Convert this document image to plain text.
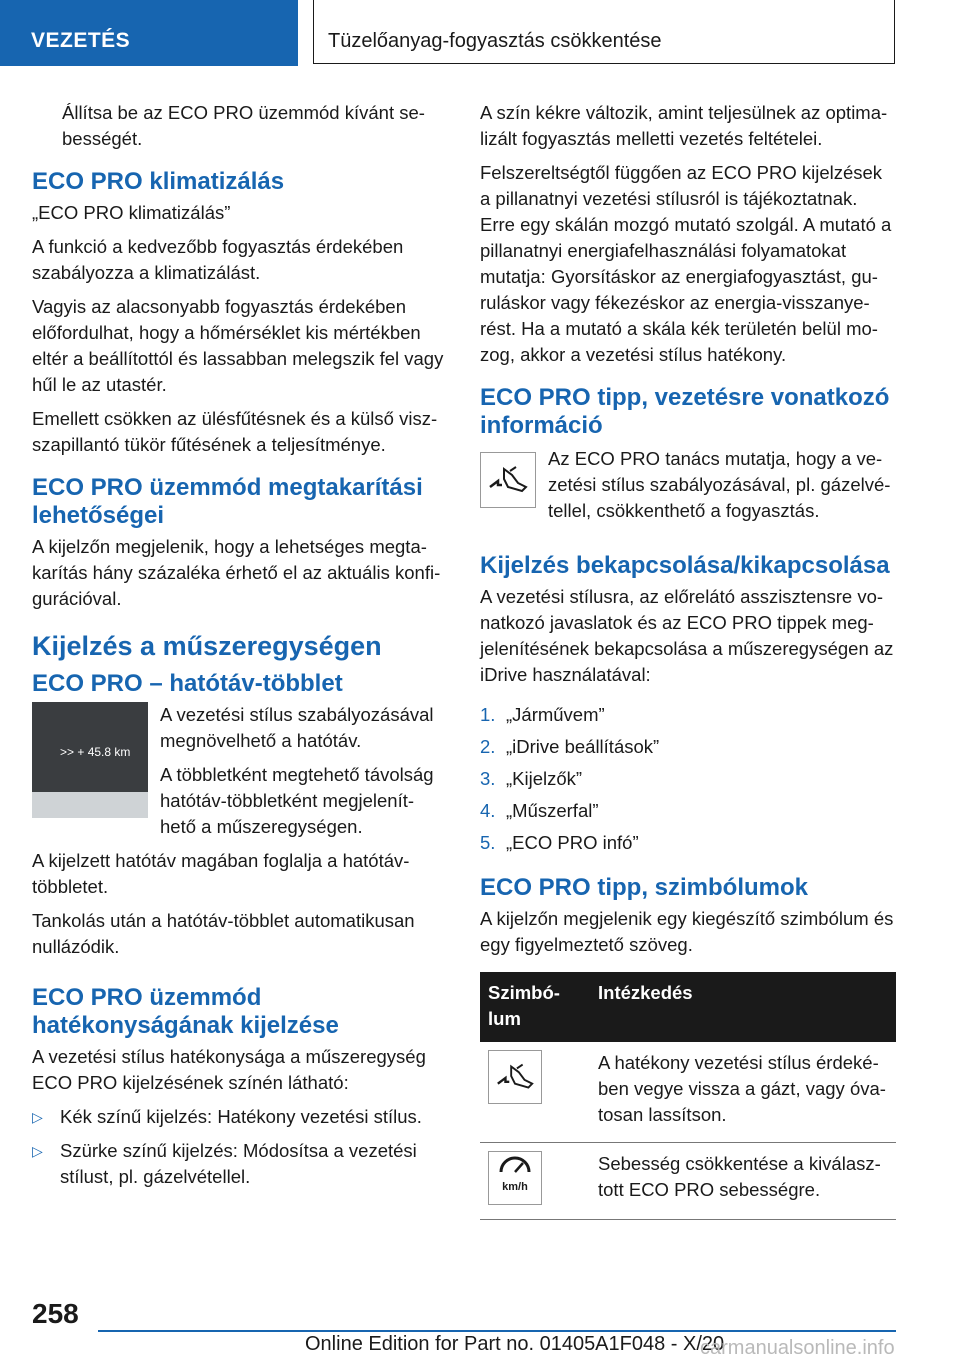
VEZETÉS	Tüzelőanyag-fogyasztás csökkentése

Állítsa be az ECO PRO üzemmód kívánt se-bességét.

ECO PRO klimatizálás

„ECO PRO klimatizálás”

A funkció a kedvezőbb fogyasztás érdekében szabályozza a klimatizálást.

Vagyis az alacsonyabb fogyasztás érdekében előfordulhat, hogy a hőmérséklet kis mértékben eltér a beállítottól és lassabban melegszik fel vagy hűl le az utastér.

Emellett csökken az ülésfűtésnek és a külső visz-szapillantó tükör fűtésének a teljesítménye.

ECO PRO üzemmód megtakarítási lehetőségei

A kijelzőn megjelenik, hogy a lehetséges megta-karítás hány százaléka érhető el az aktuális konfi-gurációval.

Kijelzés a műszeregységen
ECO PRO – hatótáv-többlet
>> + 45.8 km

A vezetési stílus szabályozásával megnövelhető a hatótáv.

A többletként megtehető távolság hatótáv-többletként megjelenít-hető a műszeregységen.

A kijelzett hatótáv magában foglalja a hatótáv-többletet.

Tankolás után a hatótáv-többlet automatikusan nullázódik.

ECO PRO üzemmód hatékonyságának kijelzése

A vezetési stílus hatékonysága a műszeregység ECO PRO kijelzésének színén látható:

▷ Kék színű kijelzés: Hatékony vezetési stílus.
▷ Szürke színű kijelzés: Módosítsa a vezetési stílust, pl. gázelvétellel.

A szín kékre változik, amint teljesülnek az optima-lizált fogyasztás melletti vezetés feltételei.

Felszereltségtől függően az ECO PRO kijelzések a pillanatnyi vezetési stílusról is tájékoztatnak. Erre egy skálán mozgó mutató szolgál. A mutató a pillanatnyi energiafelhasználási folyamatokat mutatja: Gyorsításkor az energiafogyasztást, gu-ruláskor vagy fékezéskor az energia-visszanye-rést. Ha a mutató a skála kék területén belül mo-zog, akkor a vezetési stílus hatékony.

ECO PRO tipp, vezetésre vonatkozó információ

Az ECO PRO tanács mutatja, hogy a ve-zetési stílus szabályozásával, pl. gázelvé-tellel, csökkenthető a fogyasztás.

Kijelzés bekapcsolása/kikapcsolása

A vezetési stílusra, az előrelátó asszisztensre vo-natkozó javaslatok és az ECO PRO tippek meg-jelenítésének bekapcsolása a műszeregységen az iDrive használatával:

1. „Járművem”
2. „iDrive beállítások”
3. „Kijelzők”
4. „Műszerfal”
5. „ECO PRO infó”
ECO PRO tipp, szimbólumok

A kijelzőn megjelenik egy kiegészítő szimbólum és egy figyelmeztető szöveg.

Szimbó-lum	Intézkedés

	A hatékony vezetési stílus érdeké-ben vegye vissza a gázt, vagy óva-tosan lassítson.

km/h	Sebesség csökkentése a kiválasz-tott ECO PRO sebességre.
258
Online Edition for Part no. 01405A1F048 - X/20
carmanualsonline.info
